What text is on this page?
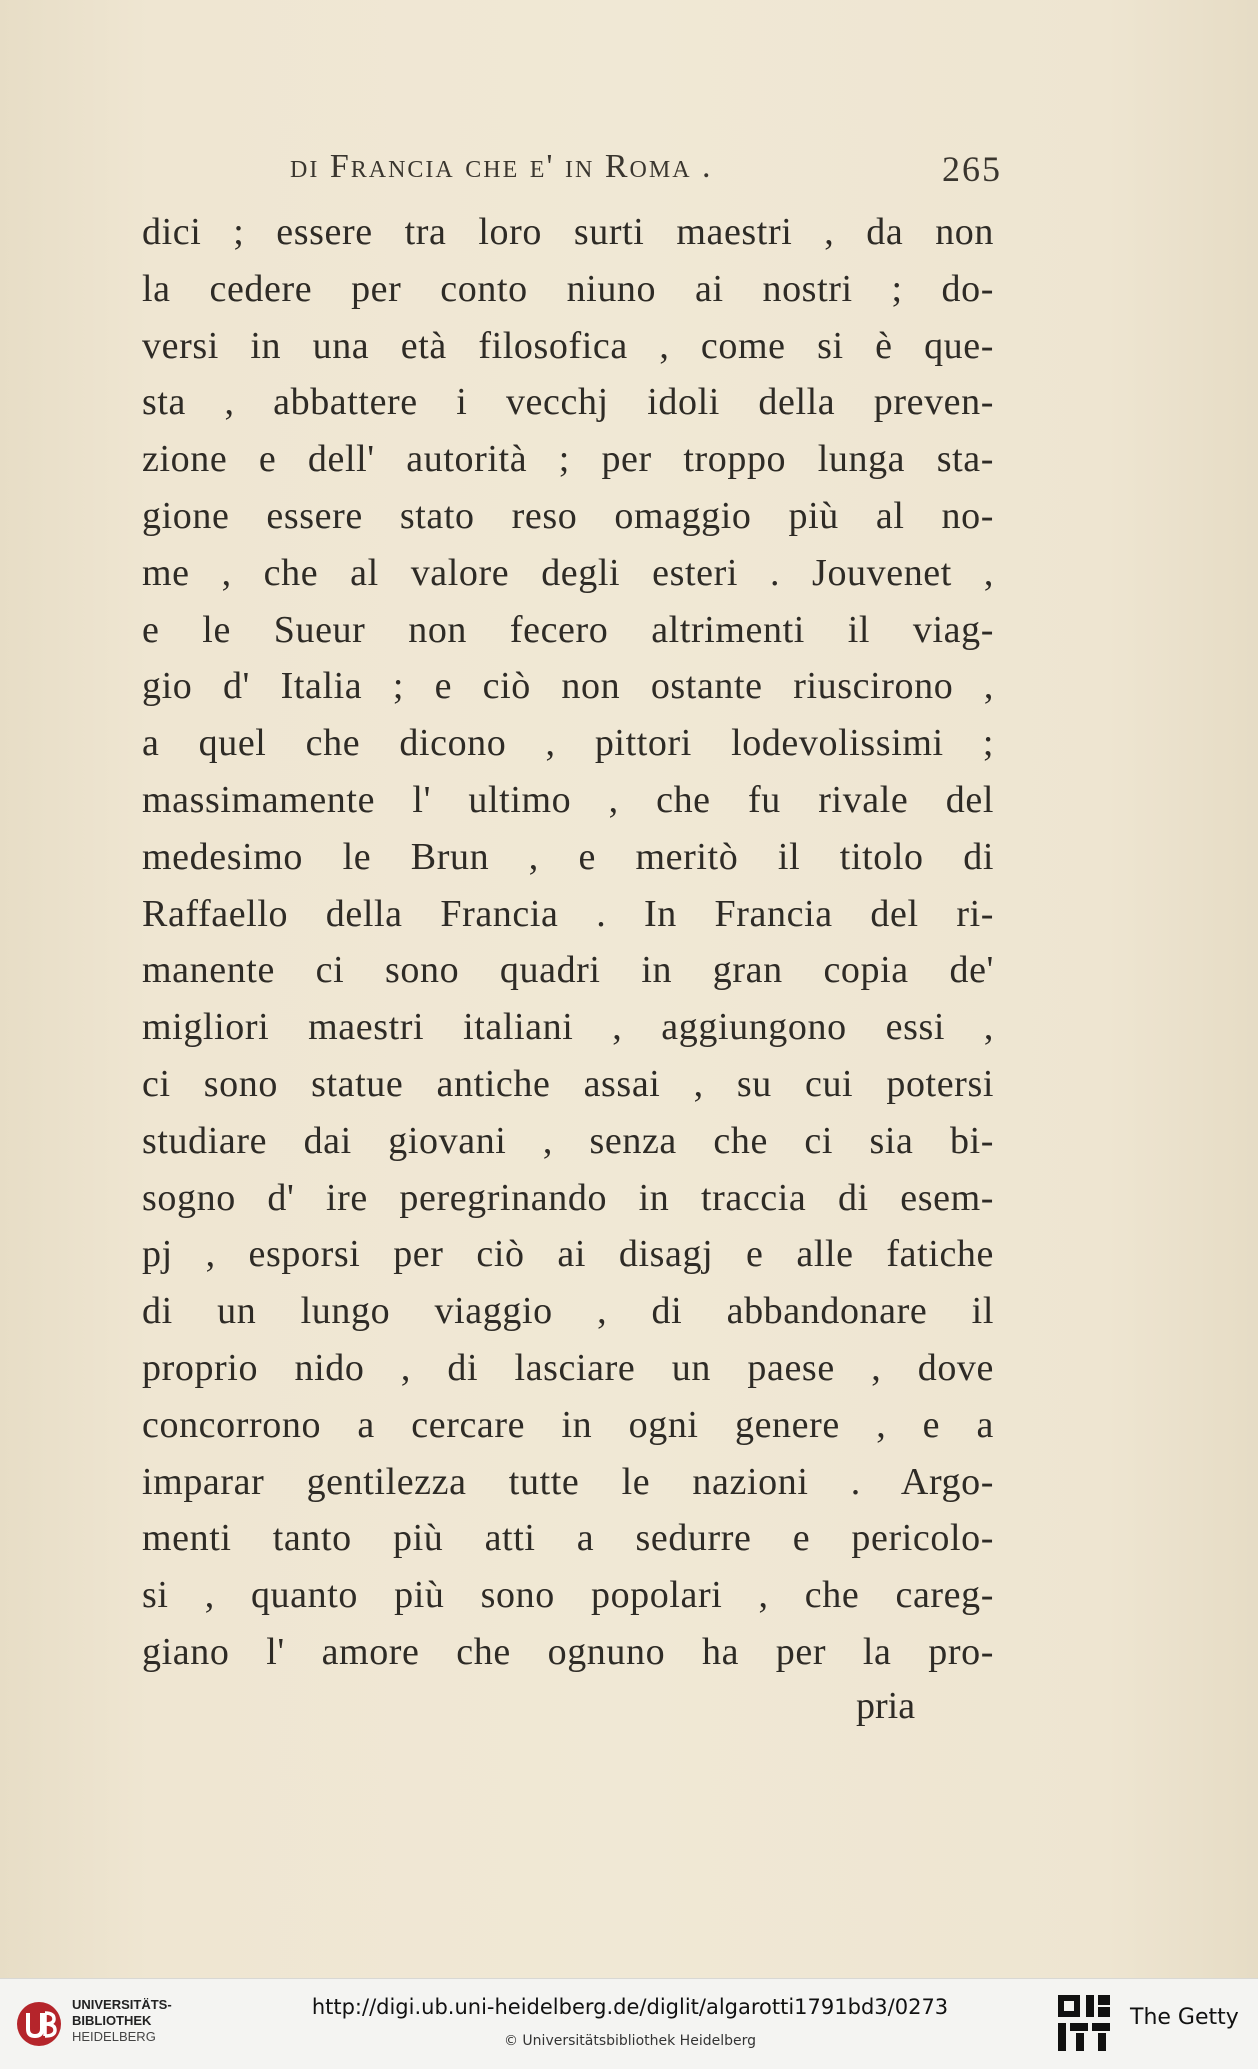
di Francia che e' in Roma .	265
dici ; essere tra loro surti maestri , da non
la cedere per conto niuno ai nostri ; do-
versi in una età filosofica , come si è que-
sta , abbattere i vecchj idoli della preven-
zione e dell' autorità ; per troppo lunga sta-
gione essere stato reso omaggio più al no-
me , che al valore degli esteri . Jouvenet ,
e le Sueur non fecero altrimenti il viag-
gio d' Italia ; e ciò non ostante riuscirono ,
a quel che dicono , pittori lodevolissimi ;
massimamente l' ultimo , che fu rivale del
medesimo le Brun , e meritò il titolo di
Raffaello della Francia . In Francia del ri-
manente ci sono quadri in gran copia de'
migliori maestri italiani , aggiungono essi ,
ci sono statue antiche assai , su cui potersi
studiare dai giovani , senza che ci sia bi-
sogno d' ire peregrinando in traccia di esem-
pj , esporsi per ciò ai disagj e alle fatiche
di un lungo viaggio , di abbandonare il
proprio nido , di lasciare un paese , dove
concorrono a cercare in ogni genere , e a
imparar gentilezza tutte le nazioni . Argo-
menti tanto più atti a sedurre e pericolo-
si , quanto più sono popolari , che careg-
giano l' amore che ognuno ha per la pro-
pria
UNIVERSITÄTS-
BIBLIOTHEK
HEIDELBERG
http://digi.ub.uni-heidelberg.de/diglit/algarotti1791bd3/0273
© Universitätsbibliothek Heidelberg
The Getty
